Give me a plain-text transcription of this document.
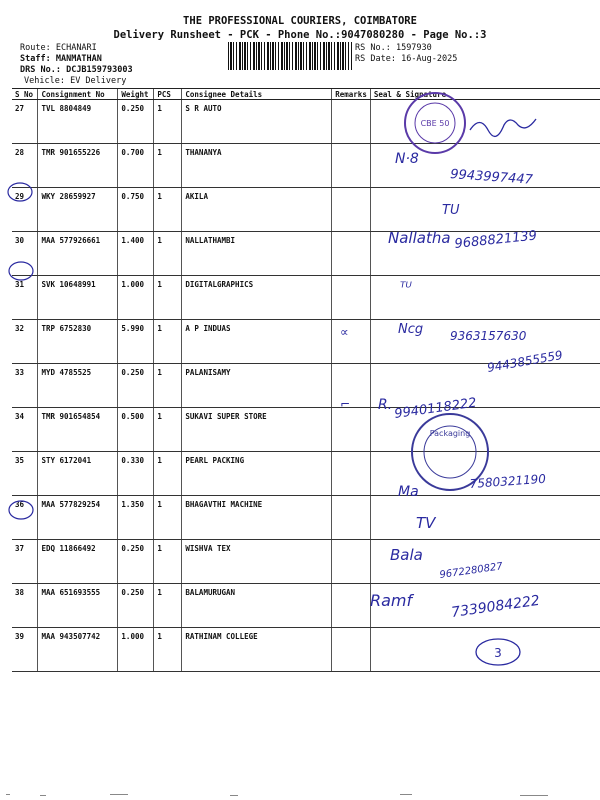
THE PROFESSIONAL COURIERS, COIMBATORE
Delivery Runsheet - PCK - Phone No.:9047080280 - Page No.:3
Route: ECHANARI
Staff: MANMATHAN
DRS No.: DCJB159793003
Vehicle: EV Delivery
RS No.: 1597930
RS Date: 16-Aug-2025
S No	Consignment No	Weight	PCS	Consignee Details	Remarks	Seal & Signature
27	TVL 8804849	0.250	1	S R AUTO		
28	TMR 901655226	0.700	1	THANANYA		
29	WKY 28659927	0.750	1	AKILA		
30	MAA 577926661	1.400	1	NALLATHAMBI		
31	SVK 10648991	1.000	1	DIGITALGRAPHICS		
32	TRP 6752830	5.990	1	A P INDUAS		
33	MYD 4785525	0.250	1	PALANISAMY		
34	TMR 901654854	0.500	1	SUKAVI SUPER STORE		
35	STY 6172041	0.330	1	PEARL PACKING		
36	MAA 577829254	1.350	1	BHAGAVTHI MACHINE		
37	EDQ 11866492	0.250	1	WISHVA TEX		
38	MAA 651693555	0.250	1	BALAMURUGAN		
39	MAA 943507742	1.000	1	RATHINAM COLLEGE		
CBE 50
Packaging
N·8
9943997447
TU
Nallatha 9688821139
ᵀᵁ
∝	Ncg 9363157630
9443855559
⌐ R. 9940118222
Ma
7580321190
TV
Bala
9672280827
Ramf	7339084222
3
